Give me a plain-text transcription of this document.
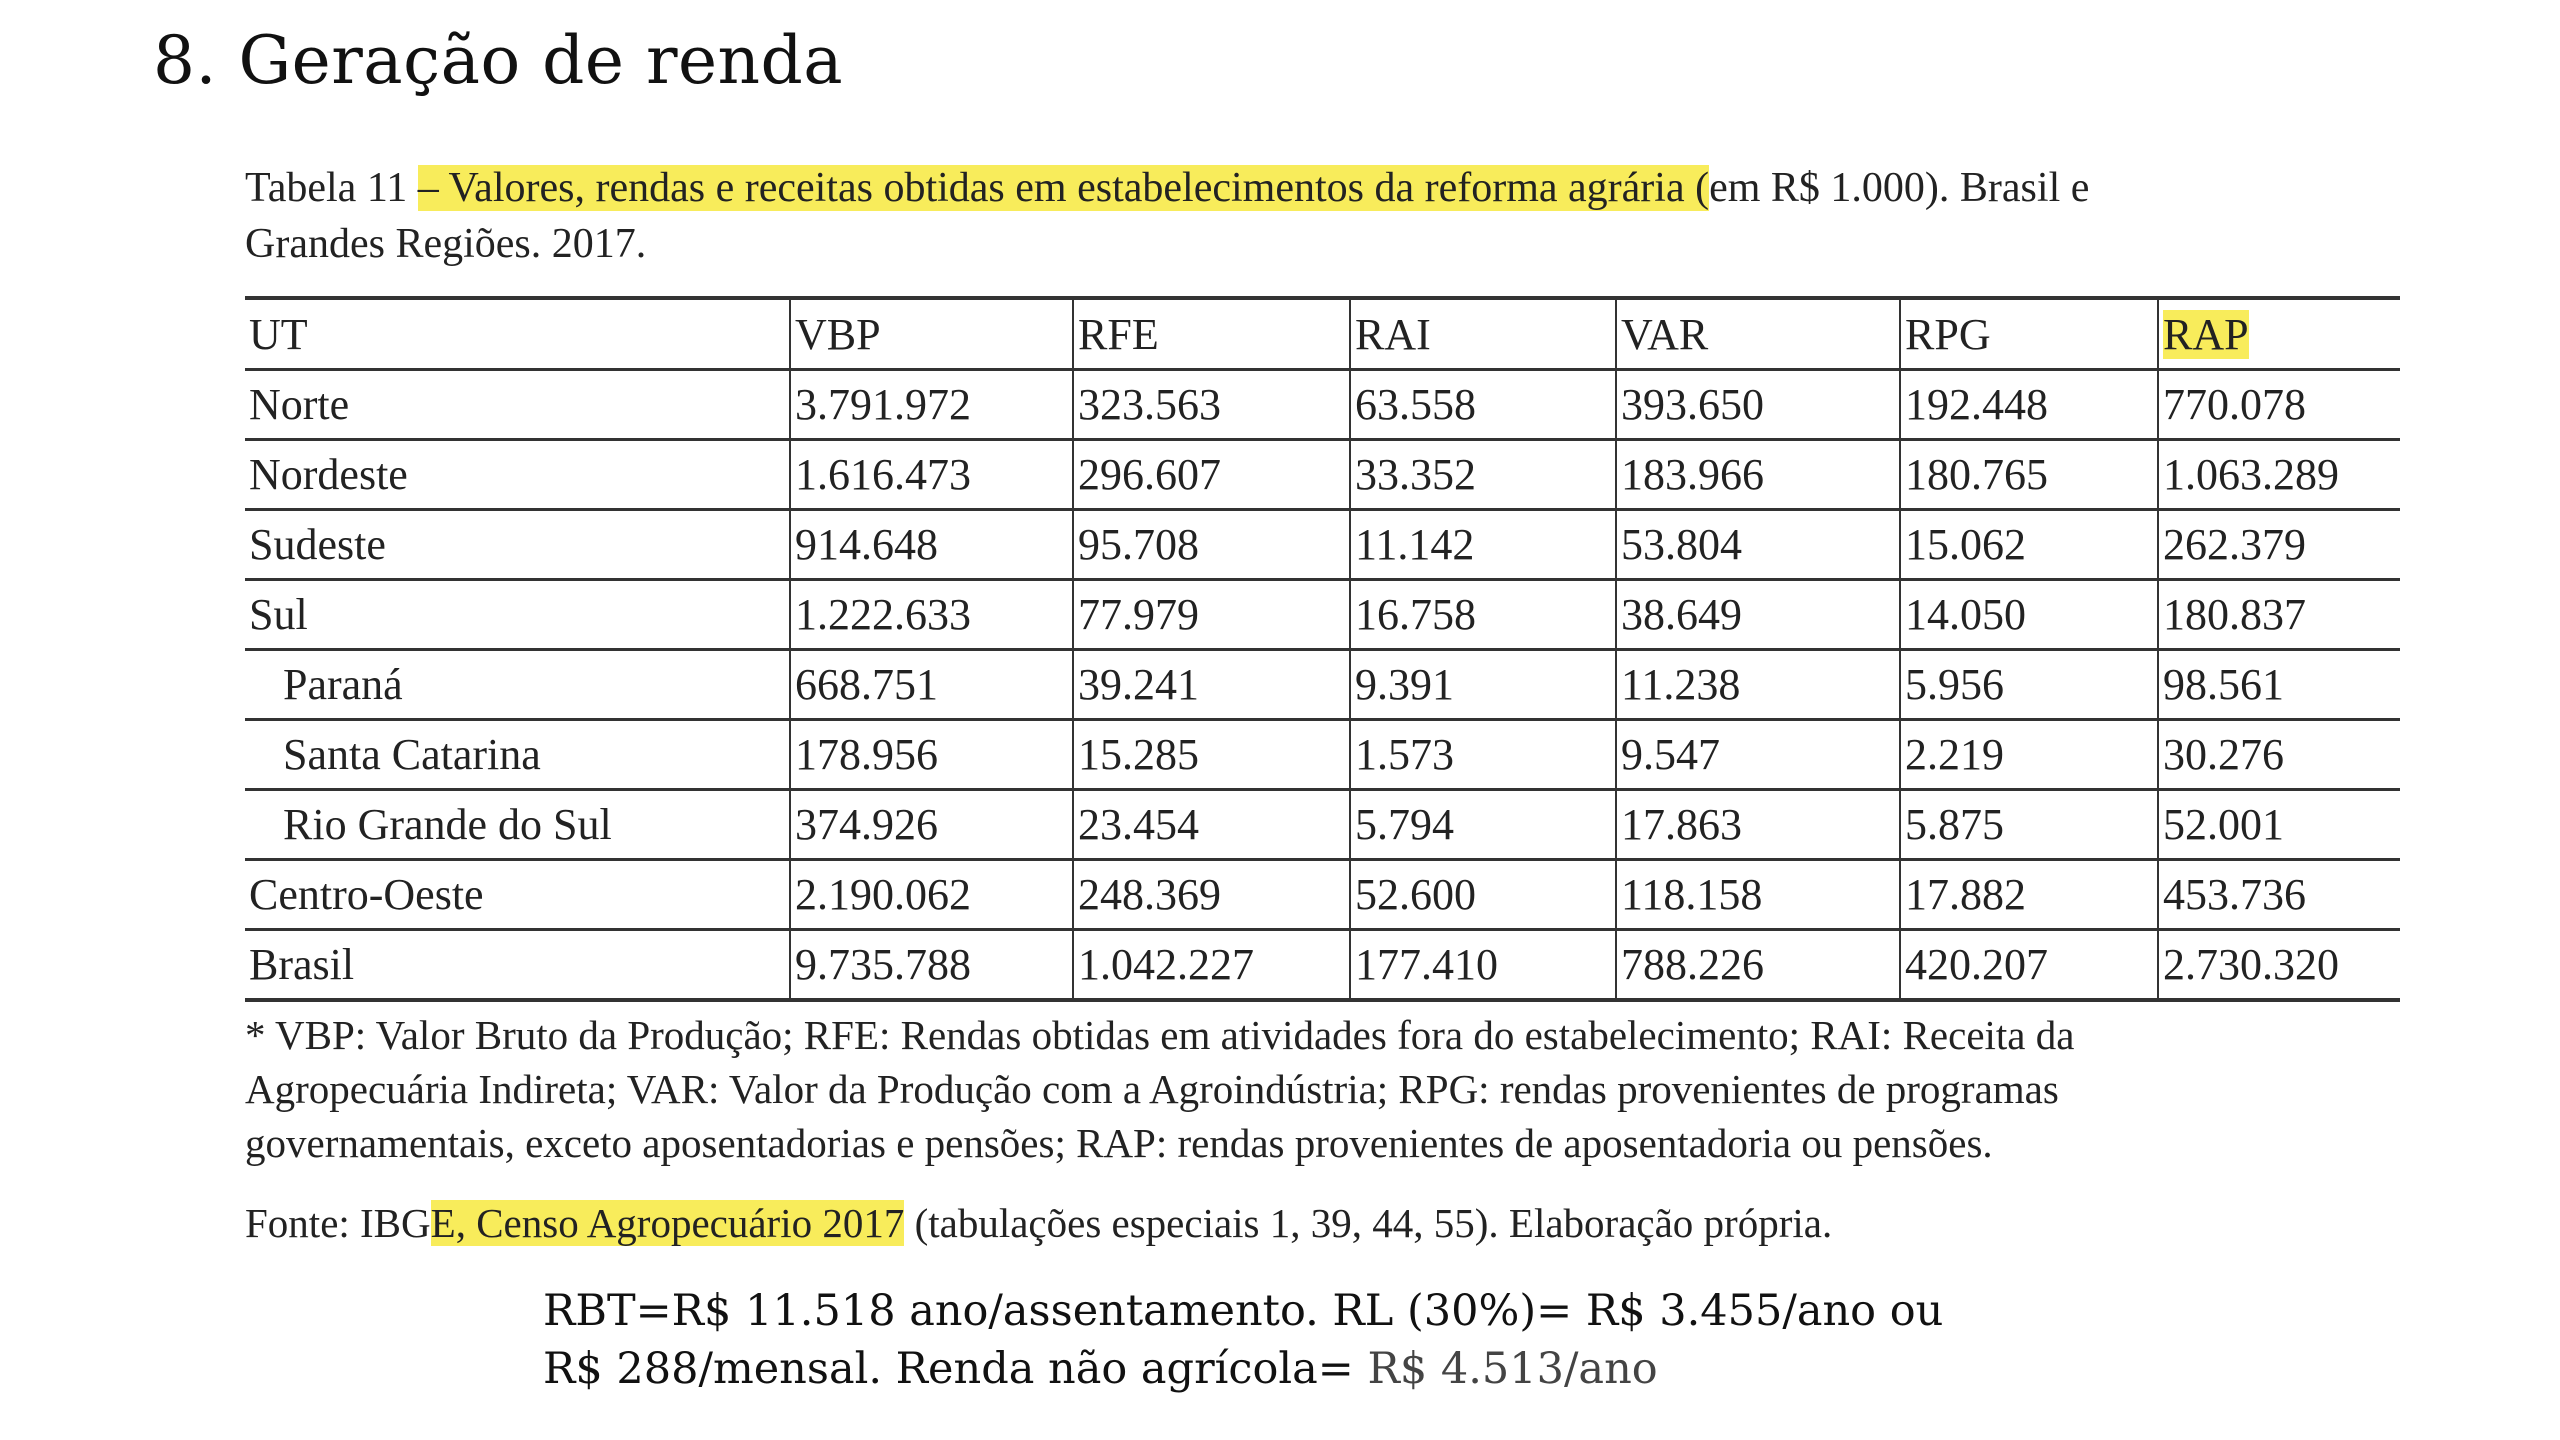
8. Geração de renda
Tabela 11 – Valores, rendas e receitas obtidas em estabelecimentos da reforma agrária (em R$ 1.000). Brasil e
Grandes Regiões. 2017.
UT	VBP	RFE	RAI	VAR	RPG	RAP
Norte	3.791.972	323.563	63.558	393.650	192.448	770.078
Nordeste	1.616.473	296.607	33.352	183.966	180.765	1.063.289
Sudeste	914.648	95.708	11.142	53.804	15.062	262.379
Sul	1.222.633	77.979	16.758	38.649	14.050	180.837
Paraná	668.751	39.241	9.391	11.238	5.956	98.561
Santa Catarina	178.956	15.285	1.573	9.547	2.219	30.276
Rio Grande do Sul	374.926	23.454	5.794	17.863	5.875	52.001
Centro-Oeste	2.190.062	248.369	52.600	118.158	17.882	453.736
Brasil	9.735.788	1.042.227	177.410	788.226	420.207	2.730.320
* VBP: Valor Bruto da Produção; RFE: Rendas obtidas em atividades fora do estabelecimento; RAI: Receita da
Agropecuária Indireta; VAR: Valor da Produção com a Agroindústria; RPG: rendas provenientes de programas
governamentais, exceto aposentadorias e pensões; RAP: rendas provenientes de aposentadoria ou pensões.
Fonte: IBGE, Censo Agropecuário 2017 (tabulações especiais 1, 39, 44, 55). Elaboração própria.
RBT=R$ 11.518 ano/assentamento. RL (30%)= R$ 3.455/ano ou
R$ 288/mensal. Renda não agrícola= R$ 4.513/ano
